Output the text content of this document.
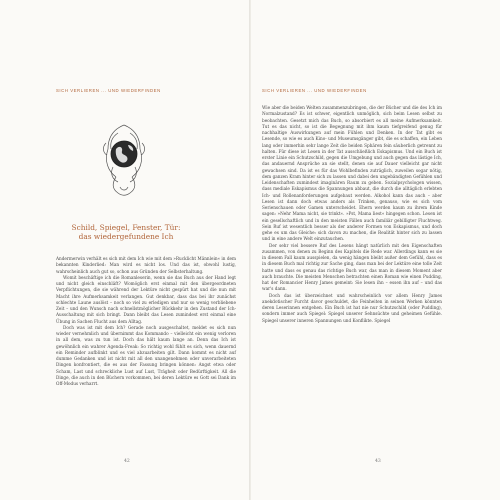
SICH VERLIEREN ... UND WIEDERFINDEN
Schild, Spiegel, Fenster, Tür:
das wiedergefundene Ich

Andermerwin verhält es sich mit dem Ich wie mit dem »Rucklicht Männlein« in dem bekannten Kinderlied: Man wird es nicht los. Und das ist, obwohl lustig, wahrscheinlich auch gut so, schon aus Gründen der Selbsterhaltung.

Womit beschäftige ich die Romanleserin, wenn sie das Buch aus der Hand legt und nicht gleich einschläft? Womöglich erst einmal mit den übergeordneten Verpflichtungen, die sie während der Lektüre nicht gespürt hat und die nun mit Macht ihre Aufmerksamkeit verlangen. Gut denkbar, dass das bei ihr zunächst schlechte Laune auslöst – noch so viel zu erledigen und nur so wenig verbliebene Zeit – und den Wunsch nach schnellstmöglicher Rückkehr in den Zustand der Ich-Ausschaltung mit sich bringt. Dann bleibt das Lesen zumindest erst einmal eine Übung in Sachen Flucht aus dem Alltag.

Doch was ist mit dem Ich? Gerade noch ausgeschaltet, meldet es sich nun wieder vernehmlich und übernimmt das Kommando – vielleicht ein wenig verloren in all dem, was zu tun ist. Doch das hält kaum lange an. Denn das Ich ist gewöhnlich ein wahrer Agenda-Freak: So richtig wohl fühlt es sich, wenn dauernd ein Reminder aufblinkt und es viel abzuarbeiten gilt. Dann kommt es nicht auf dumme Gedanken und ist nicht mit all den unangenehmen oder unverarbeiteten Dingen konfrontiert, die es aus der Fassung bringen können: Angst etwa oder Scham, Last und schreckliche Lust auf Lust, Trägheit oder Bedürftigkeit. All die Dinge, die auch in den Büchern vorkommen, bei deren Lektüre es Gott sei Dank im Off-Modus verharrt.

42
SICH VERLIEREN ... UND WIEDERFINDEN

Wie aber die beiden Welten zusammenzubringen, die der Bücher und die des Ich im Normalzustand? Es ist schwer, eigentlich unmöglich, sich beim Lesen selbst zu beobachten. Gesetzt mich das Buch, so absorbiert es all meine Aufmerksamkeit. Tut es das nicht, so ist die Begegnung mit ihm kaum tiefgreifend genug für nachhaltige Auswirkungen auf mein Fühlen und Denken. In der Tat gibt es Lesende, so wie es auch Kino- und Museumsgänger gibt, die es schaffen, ein Leben lang oder immerhin sehr lange Zeit die beiden Sphären fein säuberlich getrennt zu halten. Für diese ist Lesen in der Tat ausschließlich Eskapismus. Und ein Buch ist erster Linie ein Schutzschild, gegen die Umgebung und auch gegen das lästige Ich, das andauernd Ansprüche an sie stellt, denen sie auf Dauer vielleicht gar nicht gewachsen sind. Da ist es für das Wohlbefinden zuträglich, zuweilen sogar nötig, dem ganzen Kram hinter sich zu lassen und dabei den ungebändigten Gefühlen und Leidenschaften zumindest imaginären Raum zu geben. Sozialpsychologen wissen, dass mediale Eskapismus die Spannungen abbaut, die durch die alltäglich erlebten Ich- und Rollenanforderungen aufgebaut werden. Alkohol kann das auch – aber Lesen ist dann doch etwas anders als Trinken, genauso, wie es sich vom Serienschauen oder Gamen unterscheidet. Ehern werden kaum zu ihrem Kinde sagen: »Nehr Mama nicht, sie trinkt«. »Pst, Mama liest« hingegen schon. Lesen ist ein gesellschaftlich und in den meisten Fällen auch familiär gebilligter Fluchtweg. Sein Ruf ist wesentlich besser als der anderer Formen von Eskapismus, und doch gehe es um das Gleiche: sich davon zu machen, die Realität hinter sich zu lassen und in eine andere Welt einzutauchen.

Der sehr viel bessere Ruf des Lesens hängt natürlich mit den Eigenschaften zusammen, von denen zu Beginn des Kapitels die Rede war. Allerdings kann es sie in diesem Fall kaum ausspielen, da wenig hängen bleibt außer dem Gefühl, dass es in diesem Buch mal richtig zur Sache ging, dass man bei der Lektüre eine tolle Zeit hatte und dass es genau das richtige Buch war, das man in diesem Moment aber auch brauchte. Die meisten Menschen betrachten einen Roman wie einen Pudding, hat der Romancier Henry James gemeint: Sie lesen ihn – essen ihn auf – und das war's dann.

Doch das ist überzeichnet und wahrscheinlich vor allem Henry James anekdotischer Furcht davor geschuldet, die Feinheiten in seinen Werken könnten deren Leserinnen entgehen. Ein Buch ist hat nie nur Schutzschild (oder Pudding), sondern immer auch Spiegel: Spiegel unserer Sehnsüchte und geheimen Gefühle. Spiegel unserer inneren Spannungen und Konflikte. Spiegel

43
